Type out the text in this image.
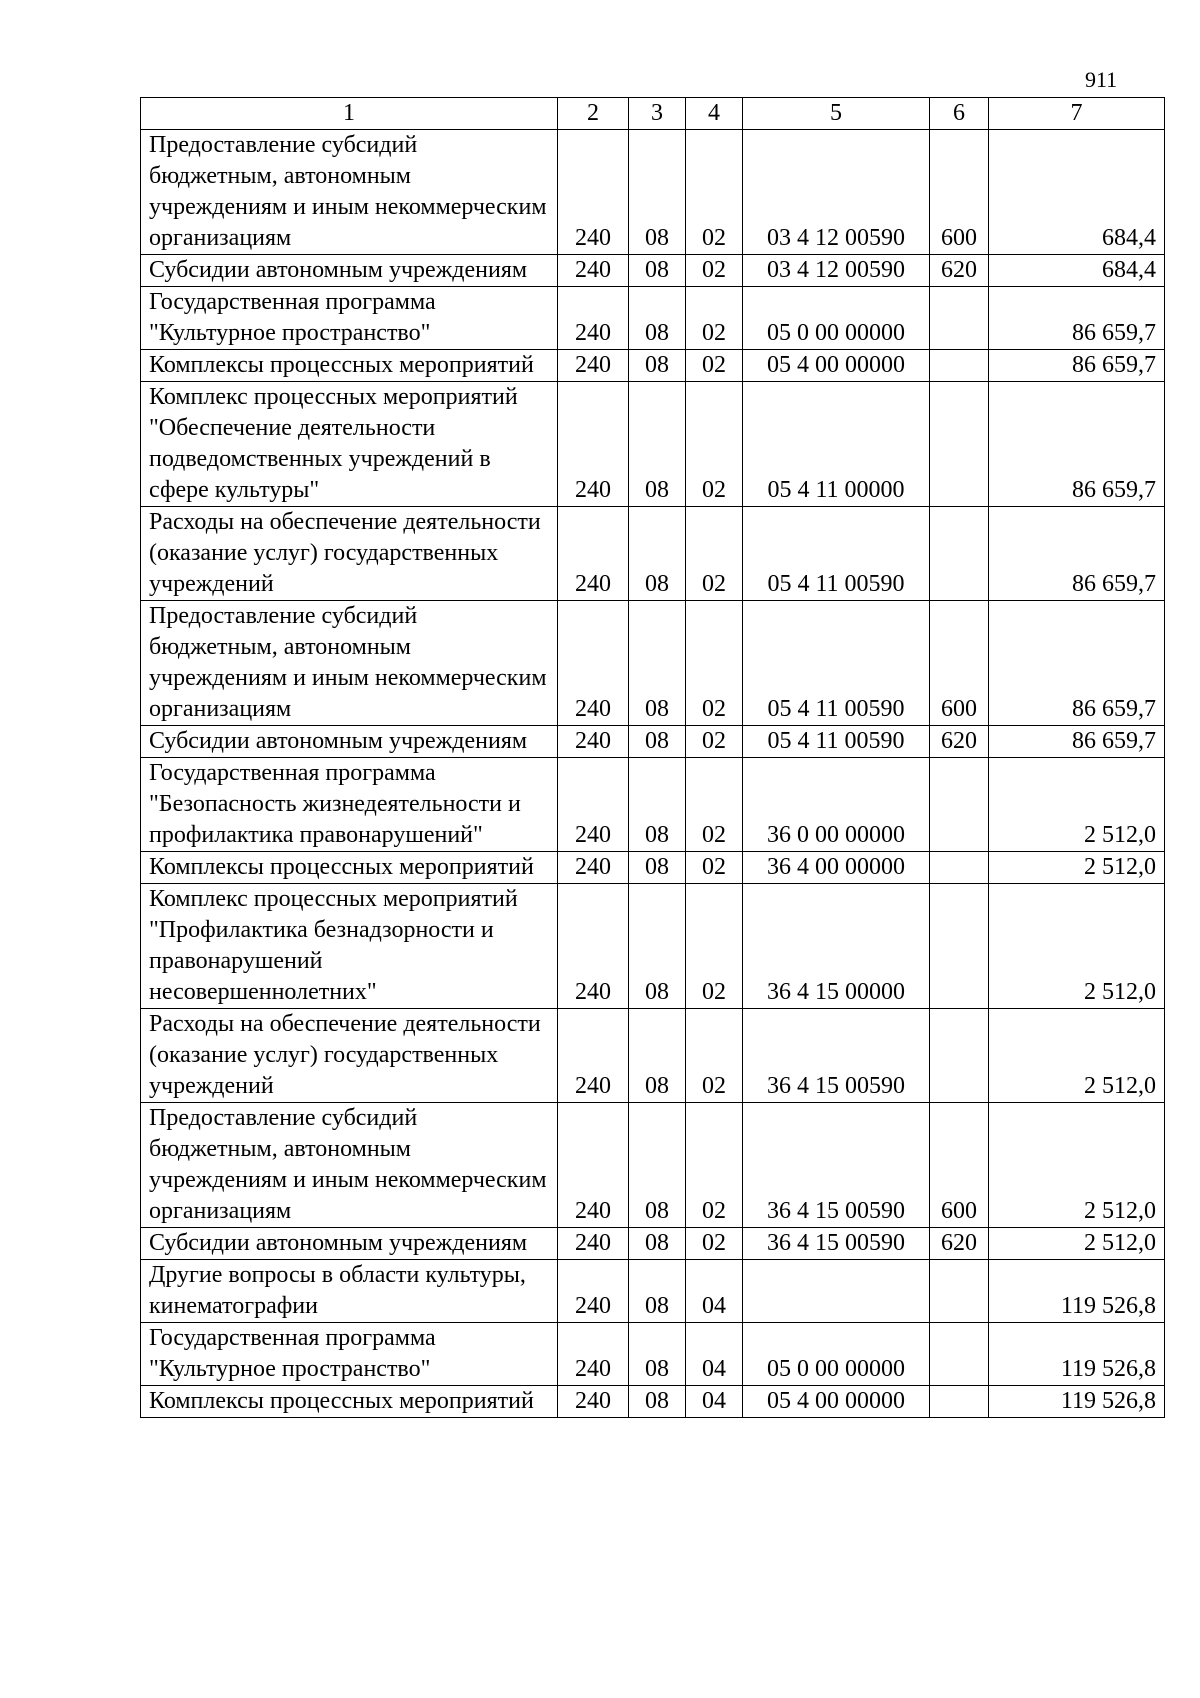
911
1	2	3	4	5	6	7
Предоставление субсидий бюджетным, автономным учреждениям и иным некоммерческим организациям	240	08	02	03 4 12 00590	600	684,4
Субсидии автономным учреждениям	240	08	02	03 4 12 00590	620	684,4
Государственная программа "Культурное пространство"	240	08	02	05 0 00 00000		86 659,7
Комплексы процессных мероприятий	240	08	02	05 4 00 00000		86 659,7
Комплекс процессных мероприятий "Обеспечение деятельности подведомственных учреждений в сфере культуры"	240	08	02	05 4 11 00000		86 659,7
Расходы на обеспечение деятельности (оказание услуг) государственных учреждений	240	08	02	05 4 11 00590		86 659,7
Предоставление субсидий бюджетным, автономным учреждениям и иным некоммерческим организациям	240	08	02	05 4 11 00590	600	86 659,7
Субсидии автономным учреждениям	240	08	02	05 4 11 00590	620	86 659,7
Государственная программа "Безопасность жизнедеятельности и профилактика правонарушений"	240	08	02	36 0 00 00000		2 512,0
Комплексы процессных мероприятий	240	08	02	36 4 00 00000		2 512,0
Комплекс процессных мероприятий "Профилактика безнадзорности и правонарушений несовершеннолетних"	240	08	02	36 4 15 00000		2 512,0
Расходы на обеспечение деятельности (оказание услуг) государственных учреждений	240	08	02	36 4 15 00590		2 512,0
Предоставление субсидий бюджетным, автономным учреждениям и иным некоммерческим организациям	240	08	02	36 4 15 00590	600	2 512,0
Субсидии автономным учреждениям	240	08	02	36 4 15 00590	620	2 512,0
Другие вопросы в области культуры, кинематографии	240	08	04			119 526,8
Государственная программа "Культурное пространство"	240	08	04	05 0 00 00000		119 526,8
Комплексы процессных мероприятий	240	08	04	05 4 00 00000		119 526,8
